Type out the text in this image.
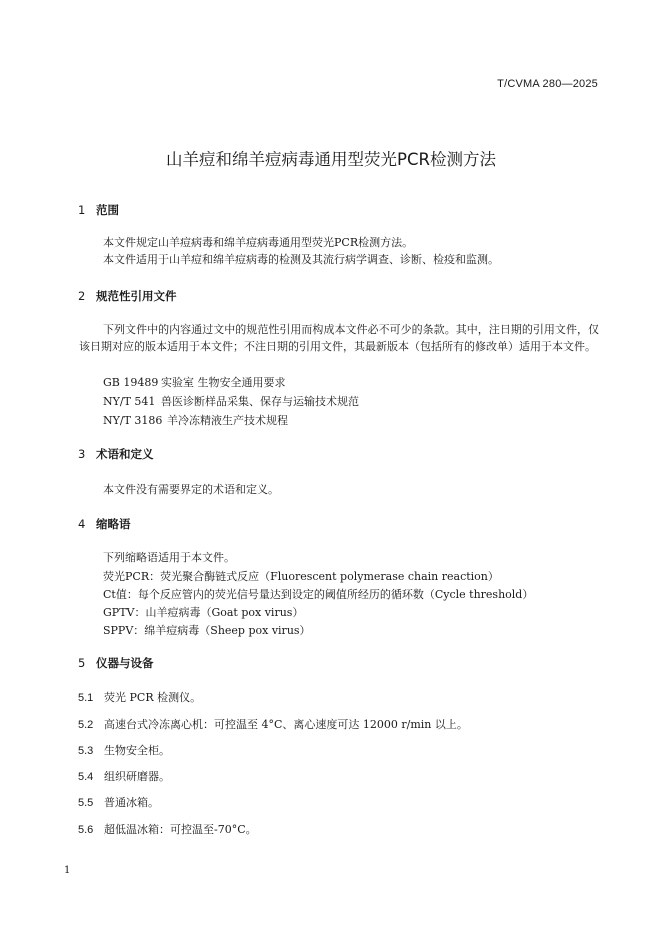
T/CVMA 280—2025
山羊痘和绵羊痘病毒通用型荧光PCR检测方法
1 范围
本文件规定山羊痘病毒和绵羊痘病毒通用型荧光PCR检测方法。
本文件适用于山羊痘和绵羊痘病毒的检测及其流行病学调查、诊断、检疫和监测。
2 规范性引用文件
下列文件中的内容通过文中的规范性引用而构成本文件必不可少的条款。其中，注日期的引用文件，仅该日期对应的版本适用于本文件；不注日期的引用文件，其最新版本（包括所有的修改单）适用于本文件。
GB 19489 实验室 生物安全通用要求
NY/T 541 兽医诊断样品采集、保存与运输技术规范
NY/T 3186 羊冷冻精液生产技术规程
3 术语和定义
本文件没有需要界定的术语和定义。
4 缩略语
下列缩略语适用于本文件。
荧光PCR：荧光聚合酶链式反应（Fluorescent polymerase chain reaction）
Ct值：每个反应管内的荧光信号量达到设定的阈值所经历的循环数（Cycle threshold）
GPTV：山羊痘病毒（Goat pox virus）
SPPV：绵羊痘病毒（Sheep pox virus）
5 仪器与设备
5.1 荧光 PCR 检测仪。
5.2 高速台式冷冻离心机：可控温至 4°C、离心速度可达 12000 r/min 以上。
5.3 生物安全柜。
5.4 组织研磨器。
5.5 普通冰箱。
5.6 超低温冰箱：可控温至-70°C。
1
